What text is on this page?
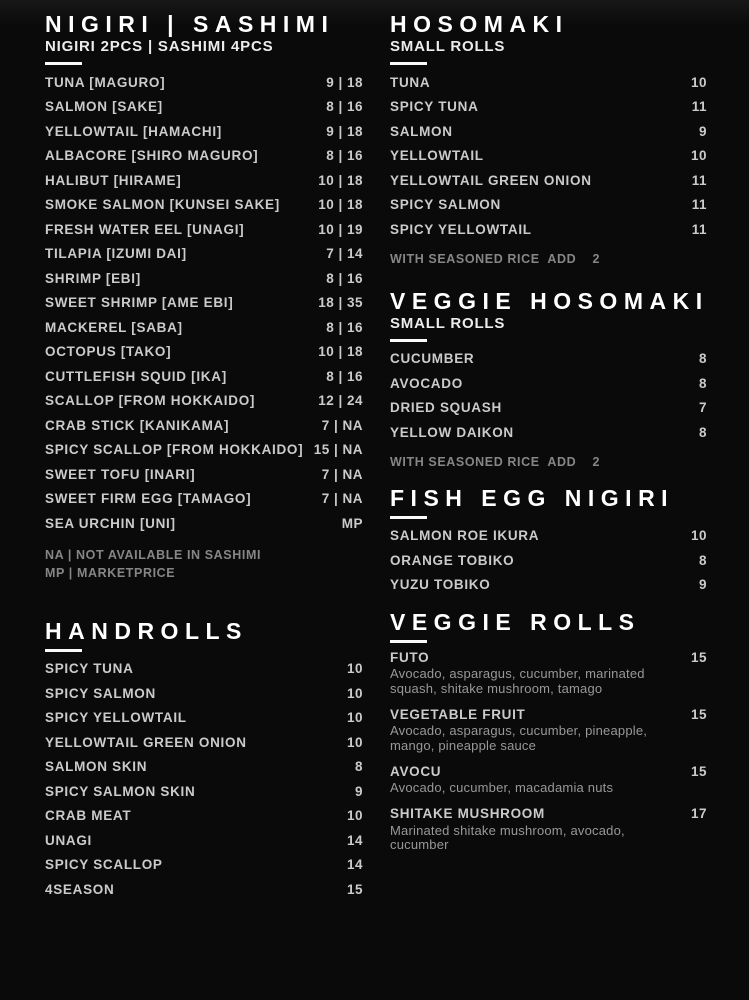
NIGIRI | SASHIMI
NIGIRI 2PCS | SASHIMI 4PCS
TUNA [MAGURO]	9 | 18
SALMON [SAKE]	8 | 16
YELLOWTAIL [HAMACHI]	9 | 18
ALBACORE [SHIRO MAGURO]	8 | 16
HALIBUT [HIRAME]	10 | 18
SMOKE SALMON [KUNSEI SAKE]	10 | 18
FRESH WATER EEL [UNAGI]	10 | 19
TILAPIA [IZUMI DAI]	7 | 14
SHRIMP [EBI]	8 | 16
SWEET SHRIMP [AME EBI]	18 | 35
MACKEREL [SABA]	8 | 16
OCTOPUS [TAKO]	10 | 18
CUTTLEFISH SQUID [IKA]	8 | 16
SCALLOP [FROM HOKKAIDO]	12 | 24
CRAB STICK [KANIKAMA]	7 | NA
SPICY SCALLOP [FROM HOKKAIDO] 15 | NA
SWEET TOFU [INARI]	7 | NA
SWEET FIRM EGG [TAMAGO]	7 | NA
SEA URCHIN [UNI]	MP
NA | NOT AVAILABLE IN SASHIMI
MP | MARKETPRICE
HANDROLLS
SPICY TUNA	10
SPICY SALMON	10
SPICY YELLOWTAIL	10
YELLOWTAIL GREEN ONION	10
SALMON SKIN	8
SPICY SALMON SKIN	9
CRAB MEAT	10
UNAGI	14
SPICY SCALLOP	14
4SEASON	15
HOSOMAKI
SMALL ROLLS
TUNA	10
SPICY TUNA	11
SALMON	9
YELLOWTAIL	10
YELLOWTAIL GREEN ONION	11
SPICY SALMON	11
SPICY YELLOWTAIL	11
WITH SEASONED RICE  ADD    2
VEGGIE HOSOMAKI
SMALL ROLLS
CUCUMBER	8
AVOCADO	8
DRIED SQUASH	7
YELLOW DAIKON	8
WITH SEASONED RICE  ADD    2
FISH EGG NIGIRI
SALMON ROE IKURA	10
ORANGE TOBIKO	8
YUZU TOBIKO	9
VEGGIE ROLLS
FUTO	15
Avocado, asparagus, cucumber, marinated squash, shitake mushroom, tamago
VEGETABLE FRUIT	15
Avocado, asparagus, cucumber, pineapple, mango, pineapple sauce
AVOCU	15
Avocado, cucumber, macadamia nuts
SHITAKE MUSHROOM	17
Marinated shitake mushroom, avocado, cucumber
